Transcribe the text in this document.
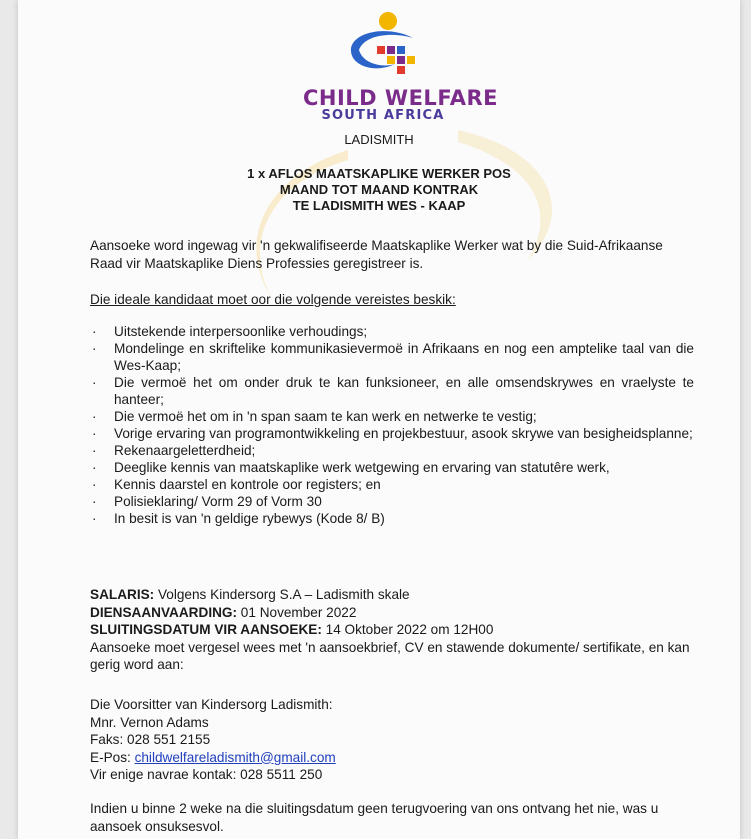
CHILD WELFARE
SOUTH AFRICA
LADISMITH
1 x AFLOS MAATSKAPLIKE WERKER POS
MAAND TOT MAAND KONTRAK
TE LADISMITH WES - KAAP
Aansoeke word ingewag vir 'n gekwalifiseerde Maatskaplike Werker wat by die Suid-Afrikaanse Raad vir Maatskaplike Diens Professies geregistreer is.
Die ideale kandidaat moet oor die volgende vereistes beskik:
· Uitstekende interpersoonlike verhoudings;
· Mondelinge en skriftelike kommunikasievermoë in Afrikaans en nog een amptelike taal van die Wes-Kaap;
· Die vermoë het om onder druk te kan funksioneer, en alle omsendskrywes en vraelyste te hanteer;
· Die vermoë het om in 'n span saam te kan werk en netwerke te vestig;
· Vorige ervaring van programontwikkeling en projekbestuur, asook skrywe van besigheidsplanne;
· Rekenaargeletterdheid;
· Deeglike kennis van maatskaplike werk wetgewing en ervaring van statutêre werk,
· Kennis daarstel en kontrole oor registers; en
· Polisieklaring/ Vorm 29 of Vorm 30
· In besit is van 'n geldige rybewys (Kode 8/ B)
SALARIS: Volgens Kindersorg S.A – Ladismith skale
DIENSAANVAARDING: 01 November 2022
SLUITINGSDATUM VIR AANSOEKE: 14 Oktober 2022 om 12H00
Aansoeke moet vergesel wees met 'n aansoekbrief, CV en stawende dokumente/ sertifikate, en kan gerig word aan:
Die Voorsitter van Kindersorg Ladismith:
Mnr. Vernon Adams
Faks: 028 551 2155
E-Pos: childwelfareladismith@gmail.com
Vir enige navrae kontak: 028 5511 250
Indien u binne 2 weke na die sluitingsdatum geen terugvoering van ons ontvang het nie, was u aansoek onsuksesvol.
